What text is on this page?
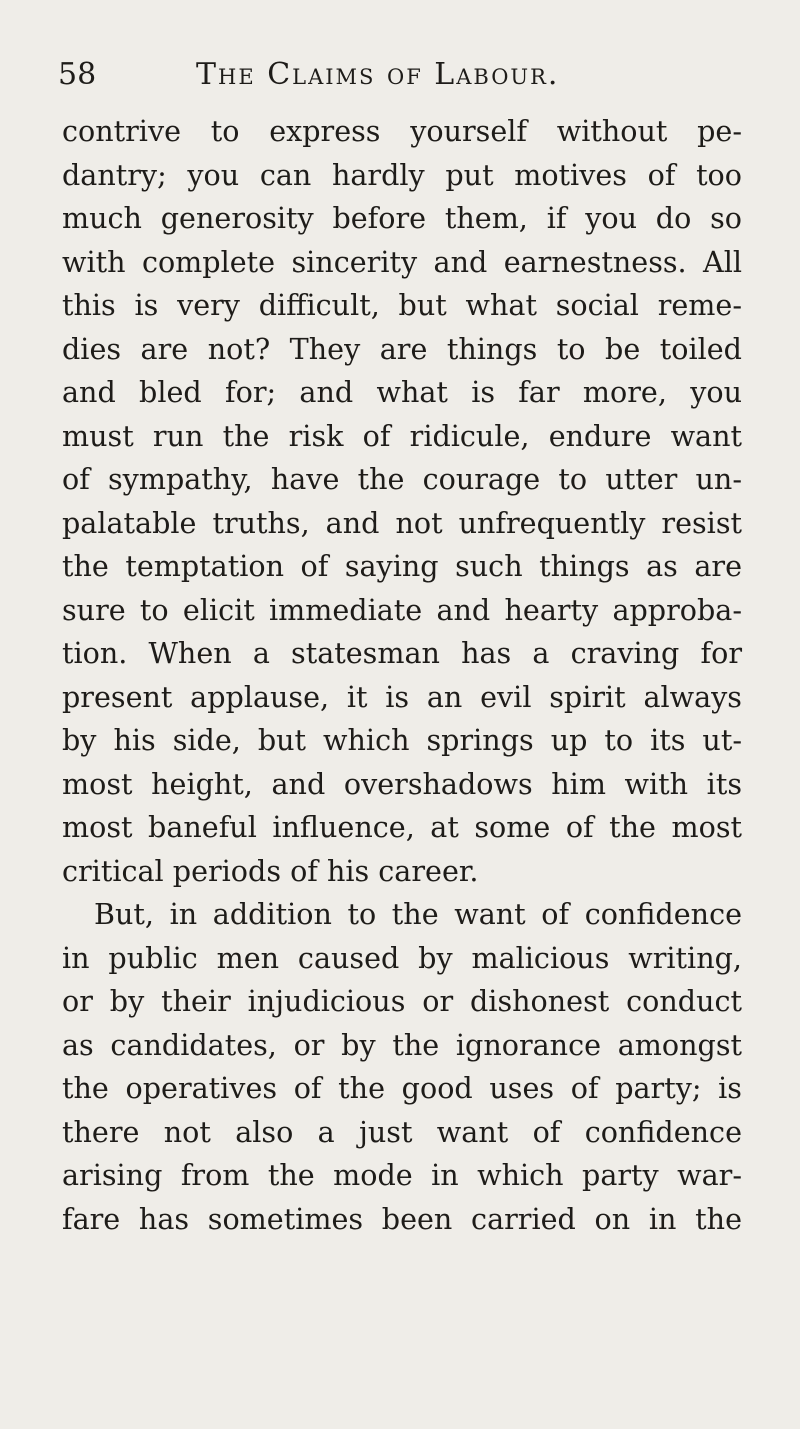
58	The Claims of Labour.
contrive to express yourself without pe-
dantry; you can hardly put motives of too
much generosity before them, if you do so
with complete sincerity and earnestness. All
this is very difficult, but what social reme-
dies are not? They are things to be toiled
and bled for; and what is far more, you
must run the risk of ridicule, endure want
of sympathy, have the courage to utter un-
palatable truths, and not unfrequently resist
the temptation of saying such things as are
sure to elicit immediate and hearty approba-
tion. When a statesman has a craving for
present applause, it is an evil spirit always
by his side, but which springs up to its ut-
most height, and overshadows him with its
most baneful influence, at some of the most
critical periods of his career.
But, in addition to the want of confidence
in public men caused by malicious writing,
or by their injudicious or dishonest conduct
as candidates, or by the ignorance amongst
the operatives of the good uses of party; is
there not also a just want of confidence
arising from the mode in which party war-
fare has sometimes been carried on in the
